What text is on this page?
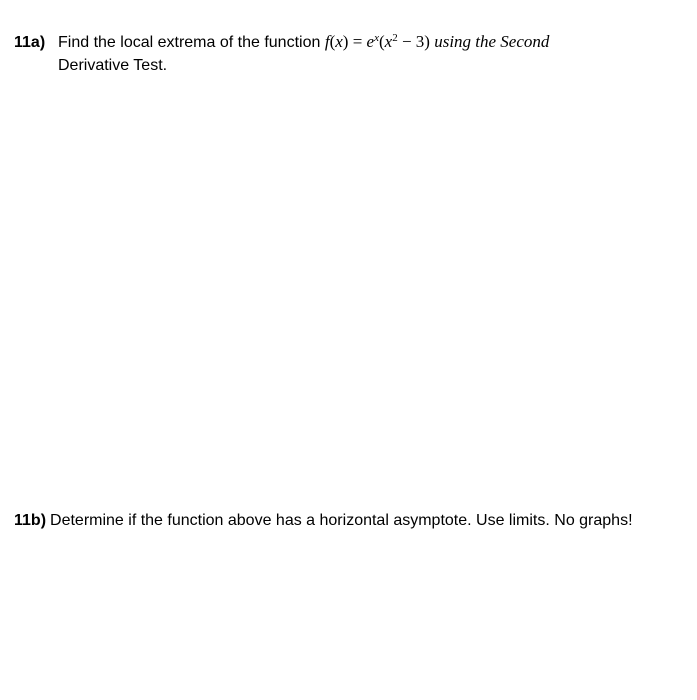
11a) Find the local extrema of the function $f(x) = e^x(x^2 - 3)$ using the Second
Derivative Test.
11b) Determine if the function above has a horizontal asymptote. Use limits. No graphs!
